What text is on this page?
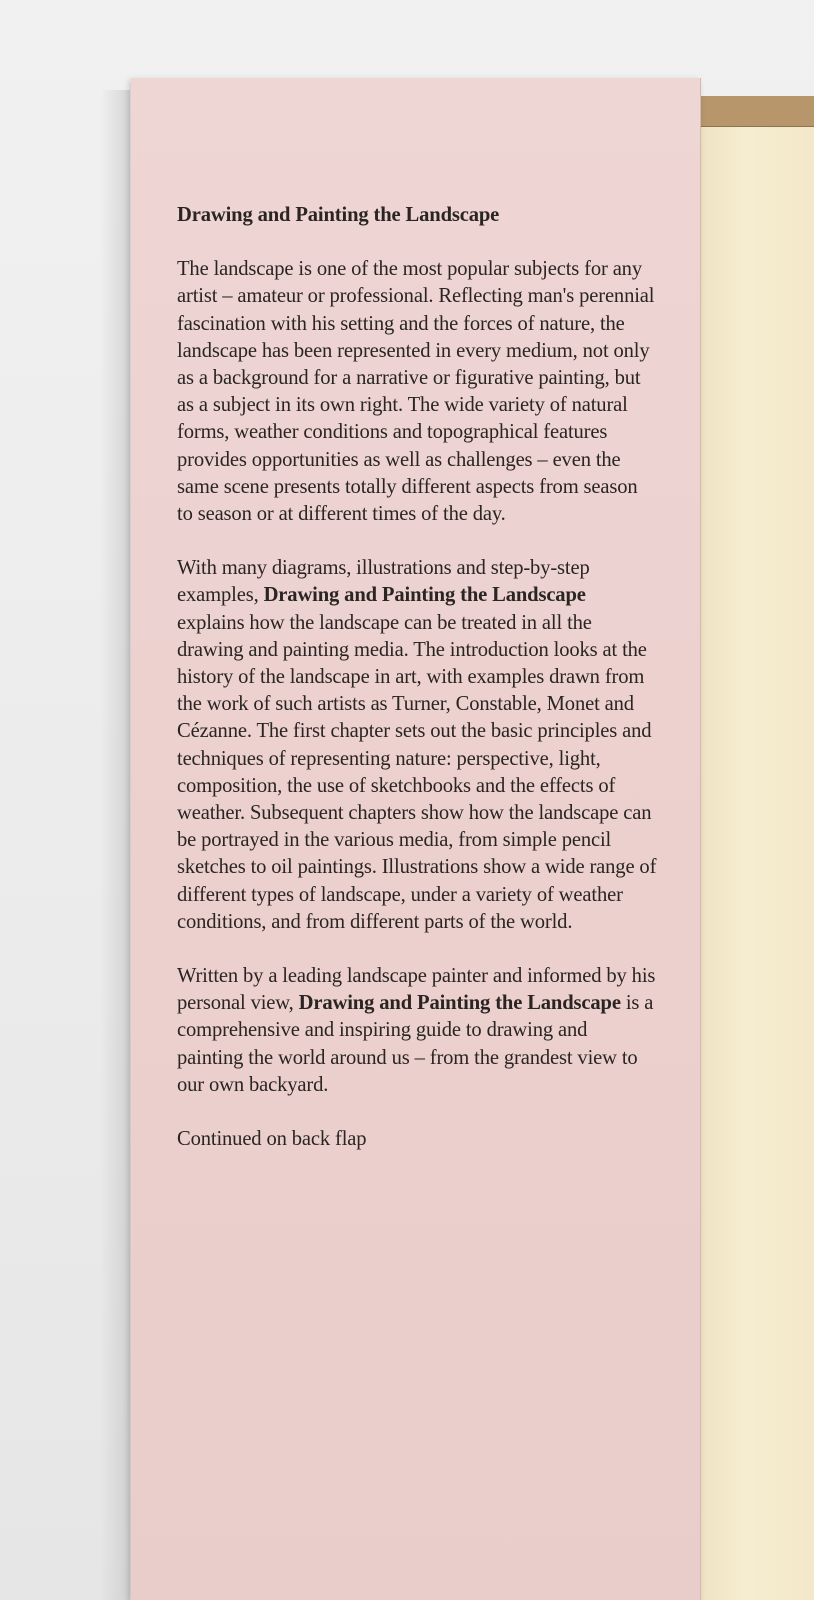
Drawing and Painting the Landscape

The landscape is one of the most popular subjects for any artist – amateur or professional. Reflecting man's perennial fascination with his setting and the forces of nature, the landscape has been represented in every medium, not only as a background for a narrative or figurative painting, but as a subject in its own right. The wide variety of natural forms, weather conditions and topographical features provides opportunities as well as challenges – even the same scene presents totally different aspects from season to season or at different times of the day.

With many diagrams, illustrations and step-by-step examples, Drawing and Painting the Landscape explains how the landscape can be treated in all the drawing and painting media. The introduction looks at the history of the landscape in art, with examples drawn from the work of such artists as Turner, Constable, Monet and Cézanne. The first chapter sets out the basic principles and techniques of representing nature: perspective, light, composition, the use of sketchbooks and the effects of weather. Subsequent chapters show how the landscape can be portrayed in the various media, from simple pencil sketches to oil paintings. Illustrations show a wide range of different types of landscape, under a variety of weather conditions, and from different parts of the world.

Written by a leading landscape painter and informed by his personal view, Drawing and Painting the Landscape is a comprehensive and inspiring guide to drawing and painting the world around us – from the grandest view to our own backyard.

Continued on back flap
